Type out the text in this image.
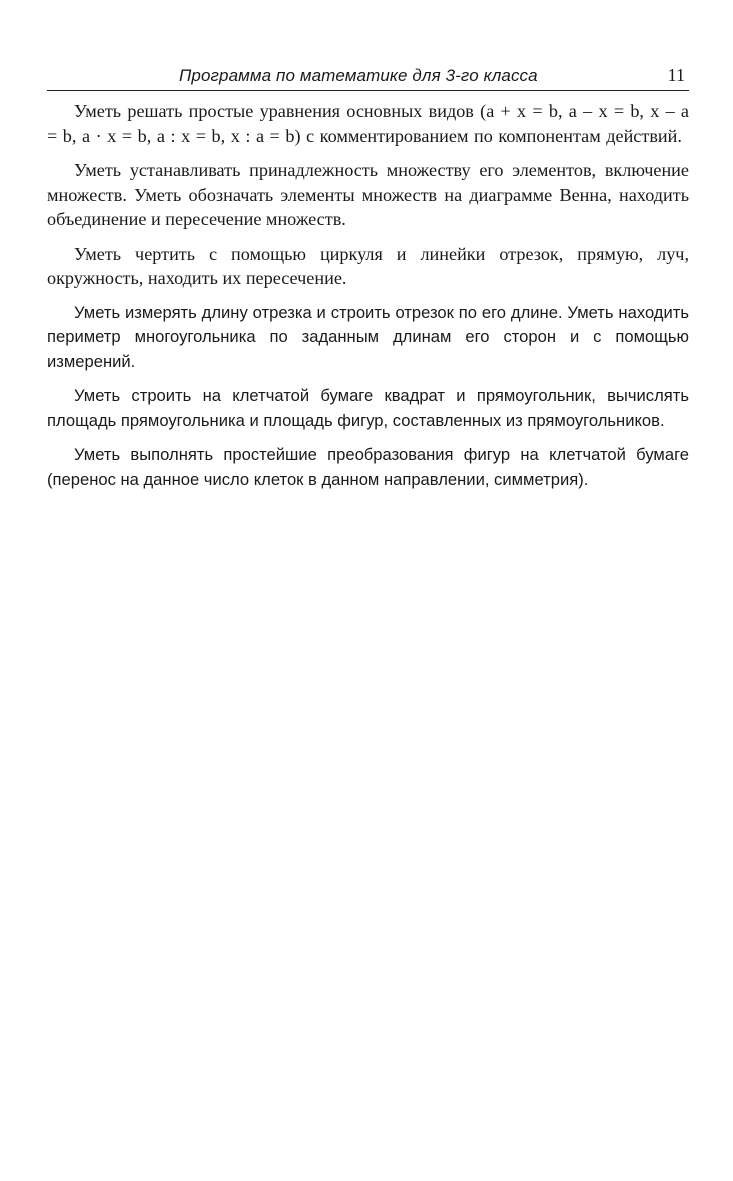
Программа по математике для 3-го класса	11

Уметь решать простые уравнения основных видов (a + x = b, a – x = b, x – a = b, a · x = b, a : x = b, x : a = b) с комментированием по компонентам действий.

Уметь устанавливать принадлежность множеству его элементов, включение множеств. Уметь обозначать элементы множеств на диаграмме Венна, находить объединение и пересечение множеств.

Уметь чертить с помощью циркуля и линейки отрезок, прямую, луч, окружность, находить их пересечение.

Уметь измерять длину отрезка и строить отрезок по его длине. Уметь находить периметр многоугольника по заданным длинам его сторон и с помощью измерений.

Уметь строить на клетчатой бумаге квадрат и прямоугольник, вычислять площадь прямоугольника и площадь фигур, составленных из прямоугольников.

Уметь выполнять простейшие преобразования фигур на клетчатой бумаге (перенос на данное число клеток в данном направлении, симметрия).
